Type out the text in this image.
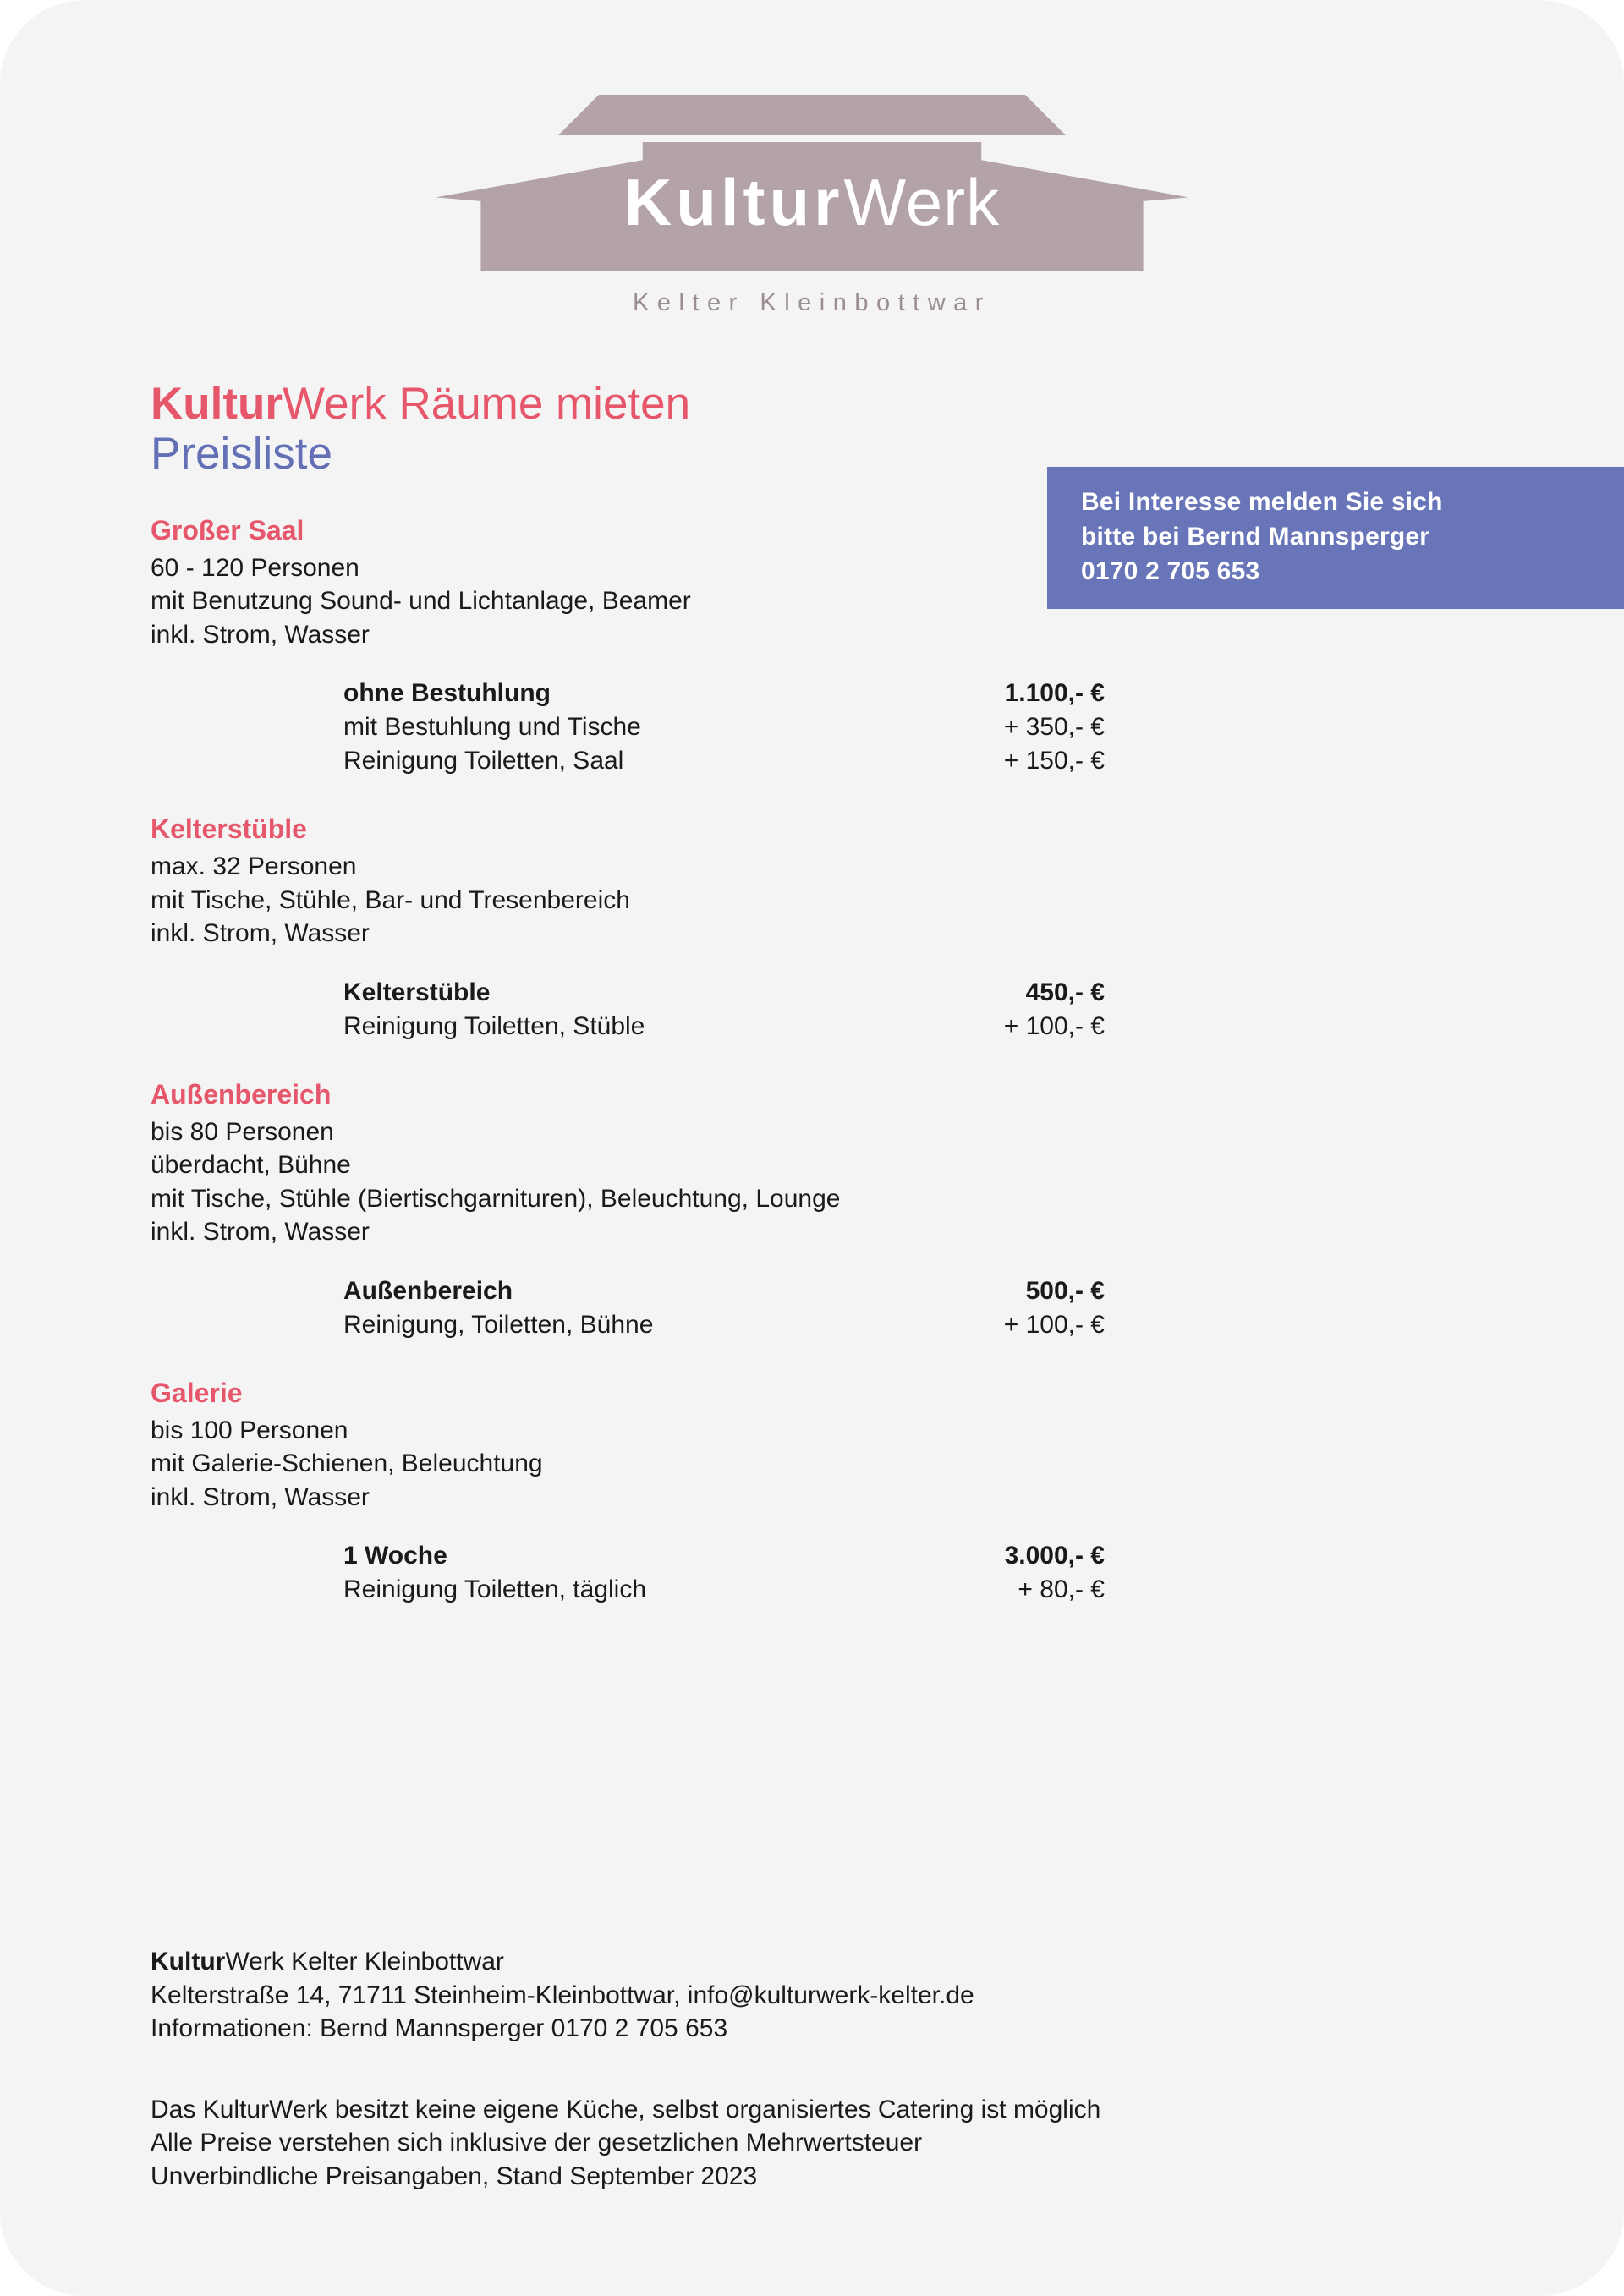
KulturWerk
Kelter Kleinbottwar
Bei Interesse melden Sie sich
bitte bei Bernd Mannsperger
0170 2 705 653
KulturWerk Räume mieten
Preisliste
Großer Saal
60 - 120 Personen
mit Benutzung Sound- und Lichtanlage, Beamer
inkl. Strom, Wasser
ohne Bestuhlung	1.100,- €
mit Bestuhlung und Tische	+ 350,- €
Reinigung Toiletten, Saal	+ 150,- €
Kelterstüble
max. 32 Personen
mit Tische, Stühle, Bar- und Tresenbereich
inkl. Strom, Wasser
Kelterstüble	450,- €
Reinigung Toiletten, Stüble	+ 100,- €
Außenbereich
bis 80 Personen
überdacht, Bühne
mit Tische, Stühle (Biertischgarnituren), Beleuchtung, Lounge
inkl. Strom, Wasser
Außenbereich	500,- €
Reinigung, Toiletten, Bühne	+ 100,- €
Galerie
bis 100 Personen
mit Galerie-Schienen, Beleuchtung
inkl. Strom, Wasser
1 Woche	3.000,- €
Reinigung Toiletten, täglich	+ 80,- €
KulturWerk Kelter Kleinbottwar
Kelterstraße 14, 71711 Steinheim-Kleinbottwar, info@kulturwerk-kelter.de
Informationen: Bernd Mannsperger 0170 2 705 653
Das KulturWerk besitzt keine eigene Küche, selbst organisiertes Catering ist möglich
Alle Preise verstehen sich inklusive der gesetzlichen Mehrwertsteuer
Unverbindliche Preisangaben, Stand September 2023
